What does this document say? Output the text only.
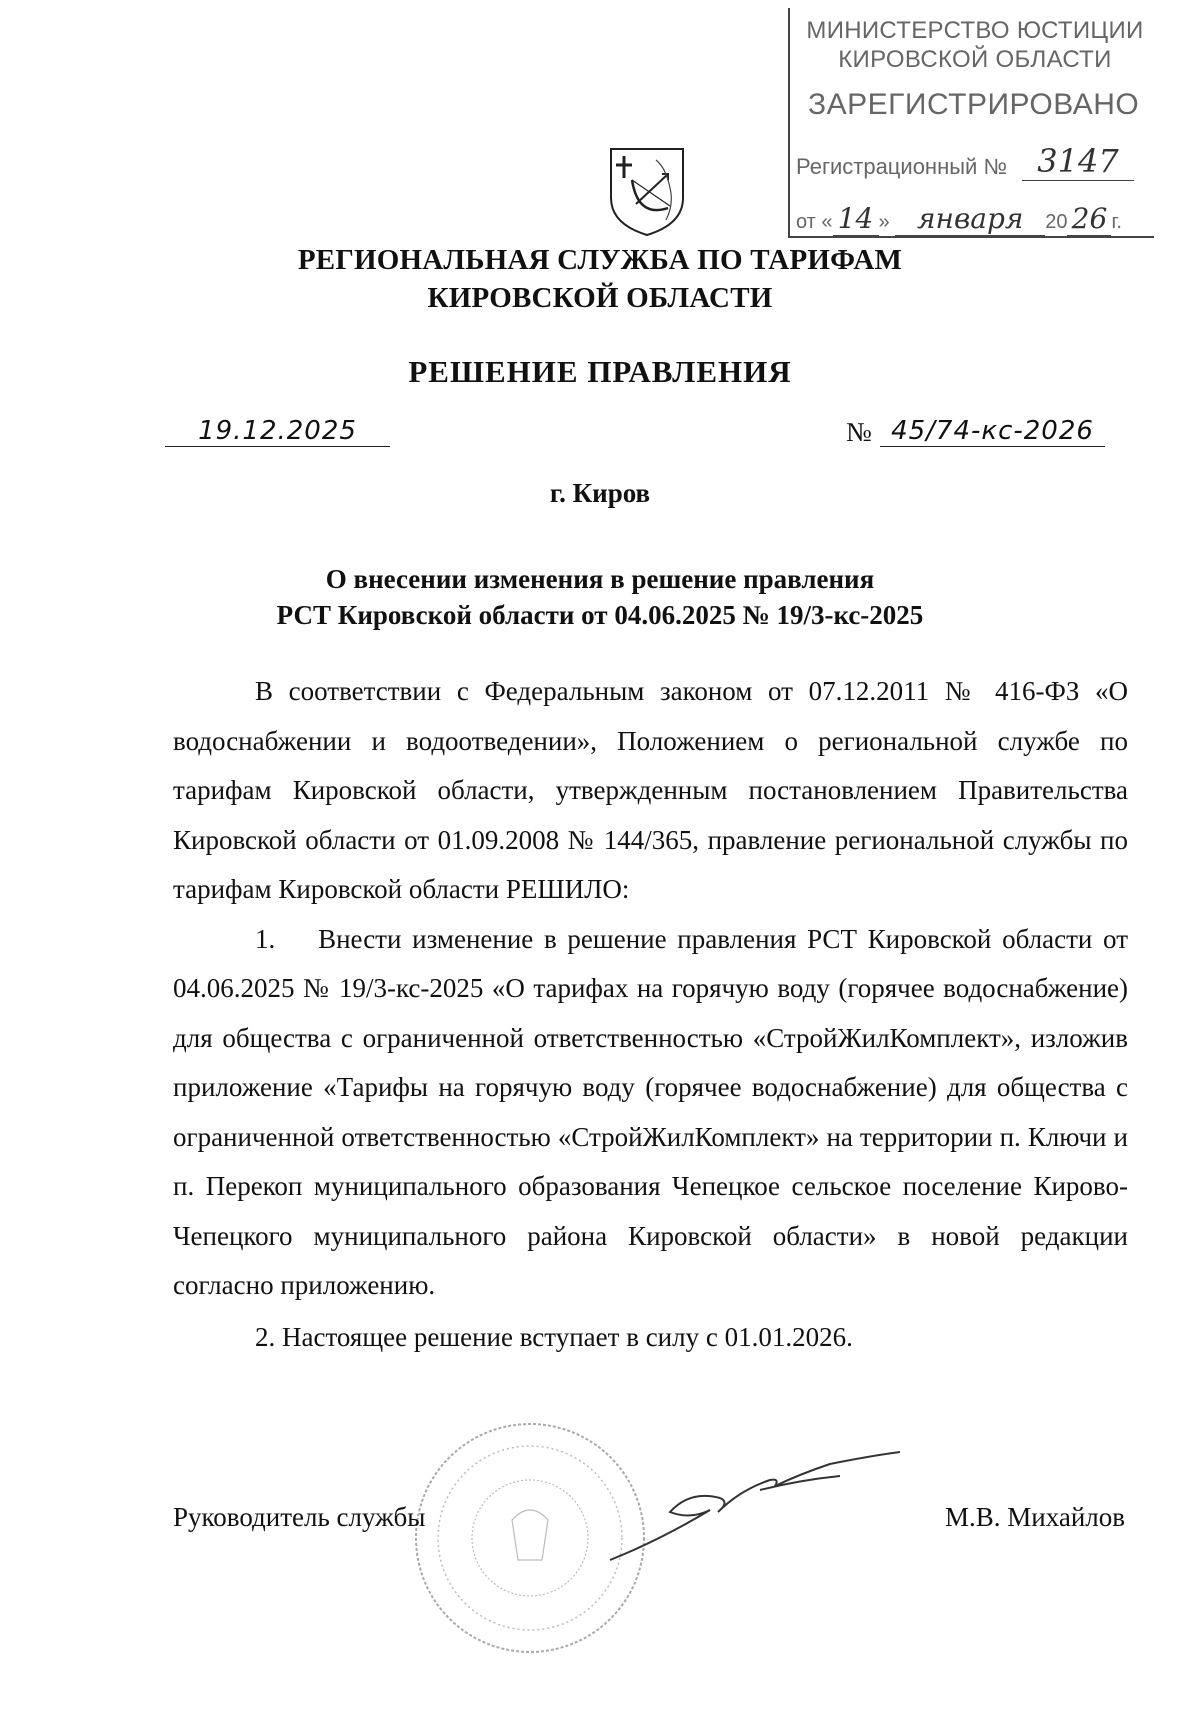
МИНИСТЕРСТВО ЮСТИЦИИ
КИРОВСКОЙ ОБЛАСТИ
ЗАРЕГИСТРИРОВАНО
Регистрационный № 3147
от « 14 » января 20 26 г.
РЕГИОНАЛЬНАЯ СЛУЖБА ПО ТАРИФАМ
КИРОВСКОЙ ОБЛАСТИ
РЕШЕНИЕ ПРАВЛЕНИЯ
19.12.2025	№ 45/74-кс-2026
г. Киров
О внесении изменения в решение правления
РСТ Кировской области от 04.06.2025 № 19/3-кс-2025

В соответствии с Федеральным законом от 07.12.2011 № 416-ФЗ «О водоснабжении и водоотведении», Положением о региональной службе по тарифам Кировской области, утвержденным постановлением Правительства Кировской области от 01.09.2008 № 144/365, правление региональной службы по тарифам Кировской области РЕШИЛО:

1.    Внести изменение в решение правления РСТ Кировской области от 04.06.2025 № 19/3-кс-2025 «О тарифах на горячую воду (горячее водоснабжение) для общества с ограниченной ответственностью «СтройЖилКомплект», изложив приложение «Тарифы на горячую воду (горячее водоснабжение) для общества с ограниченной ответственностью «СтройЖилКомплект» на территории п. Ключи и п. Перекоп муниципального образования Чепецкое сельское поселение Кирово-Чепецкого муниципального района Кировской области» в новой редакции согласно приложению.

2. Настоящее решение вступает в силу с 01.01.2026.

Руководитель службы	М.В. Михайлов
